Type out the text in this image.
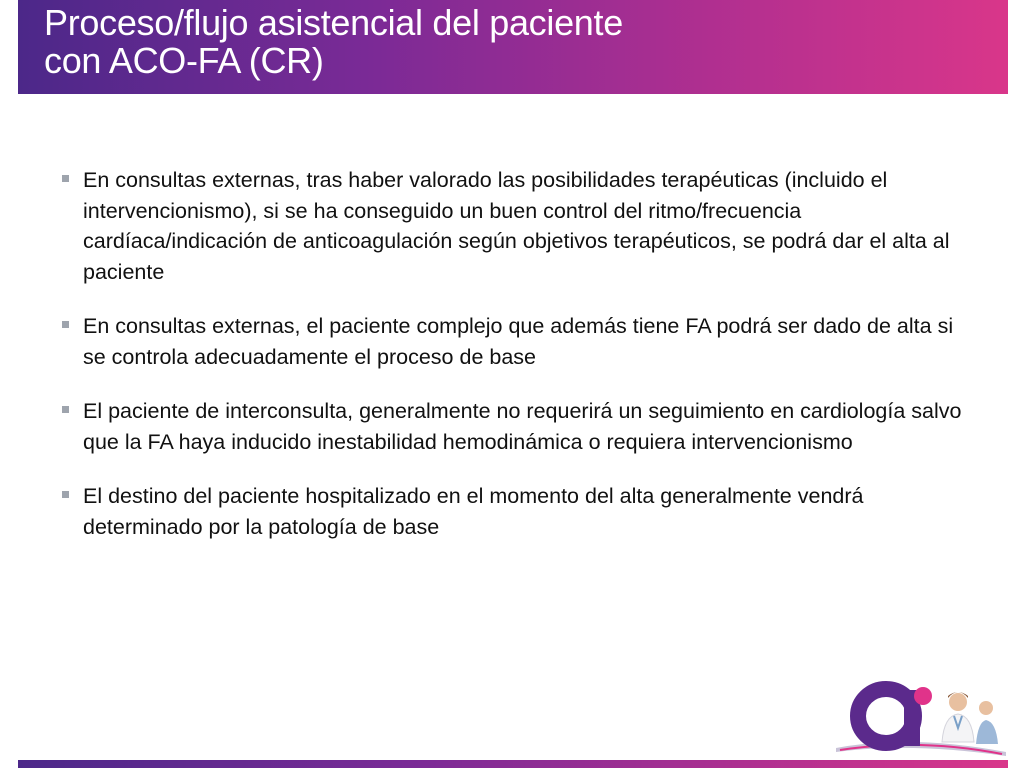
Proceso/flujo asistencial del paciente
con ACO-FA (CR)
En consultas externas, tras haber valorado las posibilidades terapéuticas (incluido el intervencionismo), si se ha conseguido un buen control del ritmo/frecuencia cardíaca/indicación de anticoagulación según objetivos terapéuticos, se podrá dar el alta al paciente
En consultas externas, el paciente complejo que además tiene FA podrá ser dado de alta si se controla adecuadamente el proceso de base
El paciente de interconsulta, generalmente no requerirá un seguimiento en cardiología salvo que la FA haya inducido inestabilidad hemodinámica o requiera intervencionismo
El destino del paciente hospitalizado en el momento del alta generalmente vendrá determinado por la patología de base
